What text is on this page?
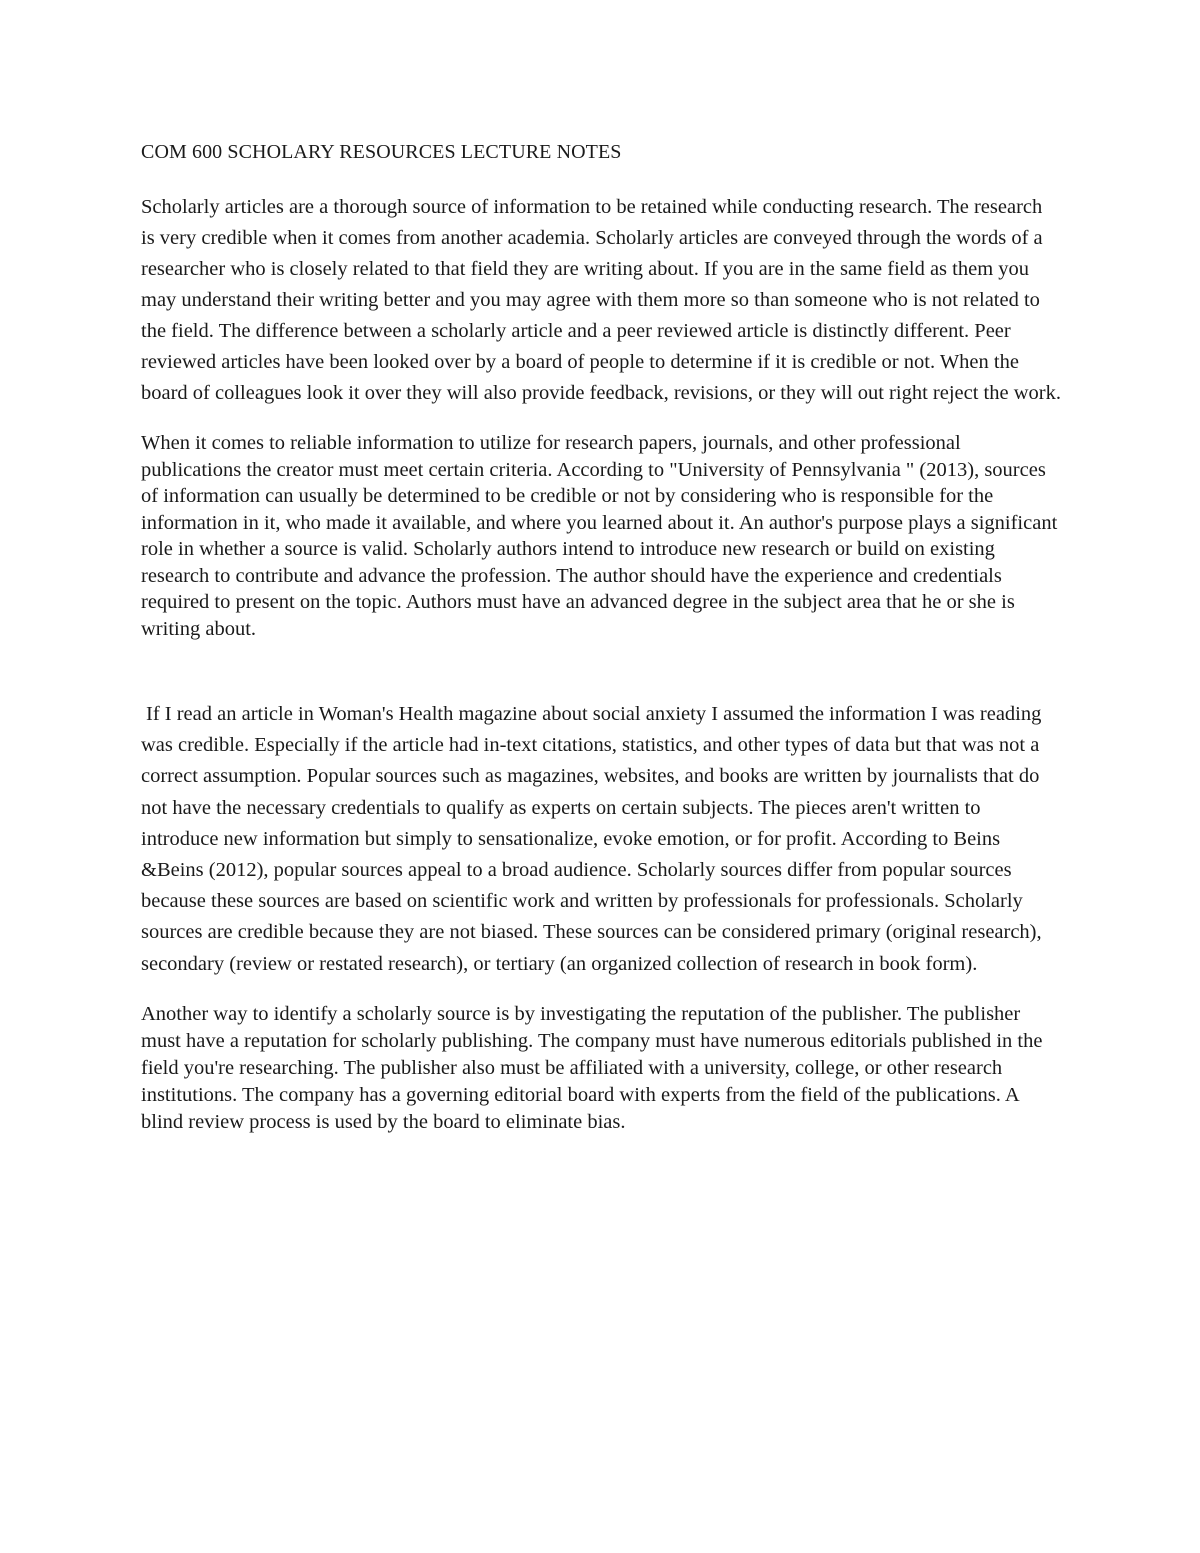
COM 600 SCHOLARY RESOURCES LECTURE NOTES

Scholarly articles are a thorough source of information to be retained while conducting research. The research is very credible when it comes from another academia. Scholarly articles are conveyed through the words of a researcher who is closely related to that field they are writing about. If you are in the same field as them you may understand their writing better and you may agree with them more so than someone who is not related to the field. The difference between a scholarly article and a peer reviewed article is distinctly different. Peer reviewed articles have been looked over by a board of people to determine if it is credible or not. When the board of colleagues look it over they will also provide feedback, revisions, or they will out right reject the work.

When it comes to reliable information to utilize for research papers, journals, and other professional publications the creator must meet certain criteria. According to "University of Pennsylvania " (2013), sources of information can usually be determined to be credible or not by considering who is responsible for the information in it, who made it available, and where you learned about it. An author's purpose plays a significant role in whether a source is valid. Scholarly authors intend to introduce new research or build on existing research to contribute and advance the profession. The author should have the experience and credentials required to present on the topic. Authors must have an advanced degree in the subject area that he or she is writing about.

If I read an article in Woman's Health magazine about social anxiety I assumed the information I was reading was credible. Especially if the article had in-text citations, statistics, and other types of data but that was not a correct assumption. Popular sources such as magazines, websites, and books are written by journalists that do not have the necessary credentials to qualify as experts on certain subjects. The pieces aren't written to introduce new information but simply to sensationalize, evoke emotion, or for profit. According to Beins &Beins (2012), popular sources appeal to a broad audience. Scholarly sources differ from popular sources because these sources are based on scientific work and written by professionals for professionals. Scholarly sources are credible because they are not biased. These sources can be considered primary (original research), secondary (review or restated research), or tertiary (an organized collection of research in book form).

Another way to identify a scholarly source is by investigating the reputation of the publisher. The publisher must have a reputation for scholarly publishing. The company must have numerous editorials published in the field you're researching. The publisher also must be affiliated with a university, college, or other research institutions. The company has a governing editorial board with experts from the field of the publications. A blind review process is used by the board to eliminate bias.
